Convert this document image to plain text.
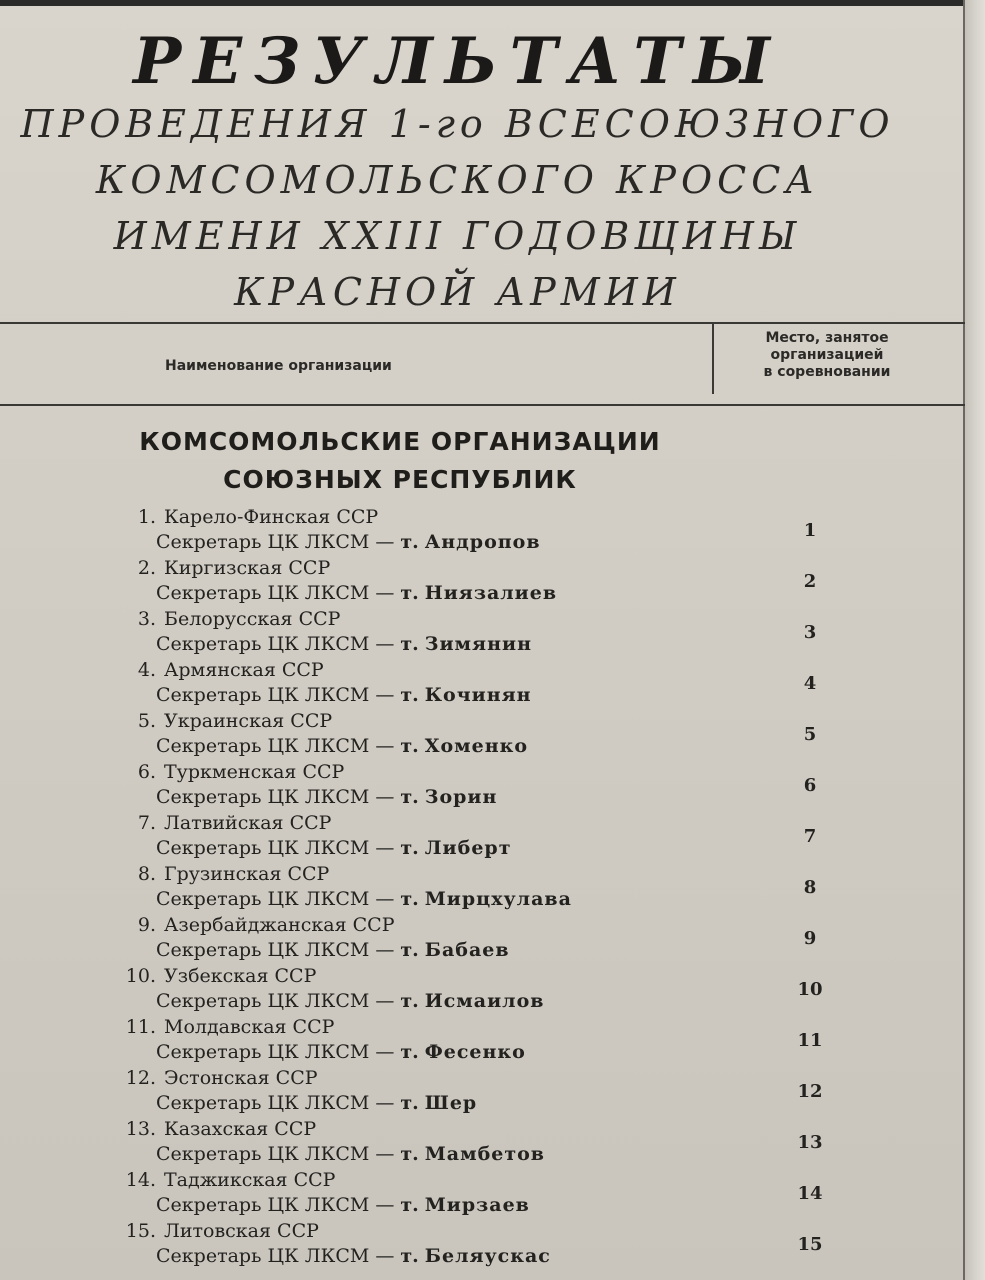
РЕЗУЛЬТАТЫ
ПРОВЕДЕНИЯ 1-го ВСЕСОЮЗНОГО
КОМСОМОЛЬСКОГО КРОССА
ИМЕНИ XXIII ГОДОВЩИНЫ
КРАСНОЙ АРМИИ
Наименование организации
Место, занятое
организацией
в соревновании
КОМСОМОЛЬСКИЕ ОРГАНИЗАЦИИ
СОЮЗНЫХ РЕСПУБЛИК
1. Карело-Финская ССР
Секретарь ЦК ЛКСМ — т. Андропов
1
2. Киргизская ССР
Секретарь ЦК ЛКСМ — т. Ниязалиев
2
3. Белорусская ССР
Секретарь ЦК ЛКСМ — т. Зимянин
3
4. Армянская ССР
Секретарь ЦК ЛКСМ — т. Кочинян
4
5. Украинская ССР
Секретарь ЦК ЛКСМ — т. Хоменко
5
6. Туркменская ССР
Секретарь ЦК ЛКСМ — т. Зорин
6
7. Латвийская ССР
Секретарь ЦК ЛКСМ — т. Либерт
7
8. Грузинская ССР
Секретарь ЦК ЛКСМ — т. Мирцхулава
8
9. Азербайджанская ССР
Секретарь ЦК ЛКСМ — т. Бабаев
9
10. Узбекская ССР
Секретарь ЦК ЛКСМ — т. Исмаилов
10
11. Молдавская ССР
Секретарь ЦК ЛКСМ — т. Фесенко
11
12. Эстонская ССР
Секретарь ЦК ЛКСМ — т. Шер
12
13. Казахская ССР
Секретарь ЦК ЛКСМ — т. Мамбетов
13
14. Таджикская ССР
Секретарь ЦК ЛКСМ — т. Мирзаев
14
15. Литовская ССР
Секретарь ЦК ЛКСМ — т. Беляускас
15
